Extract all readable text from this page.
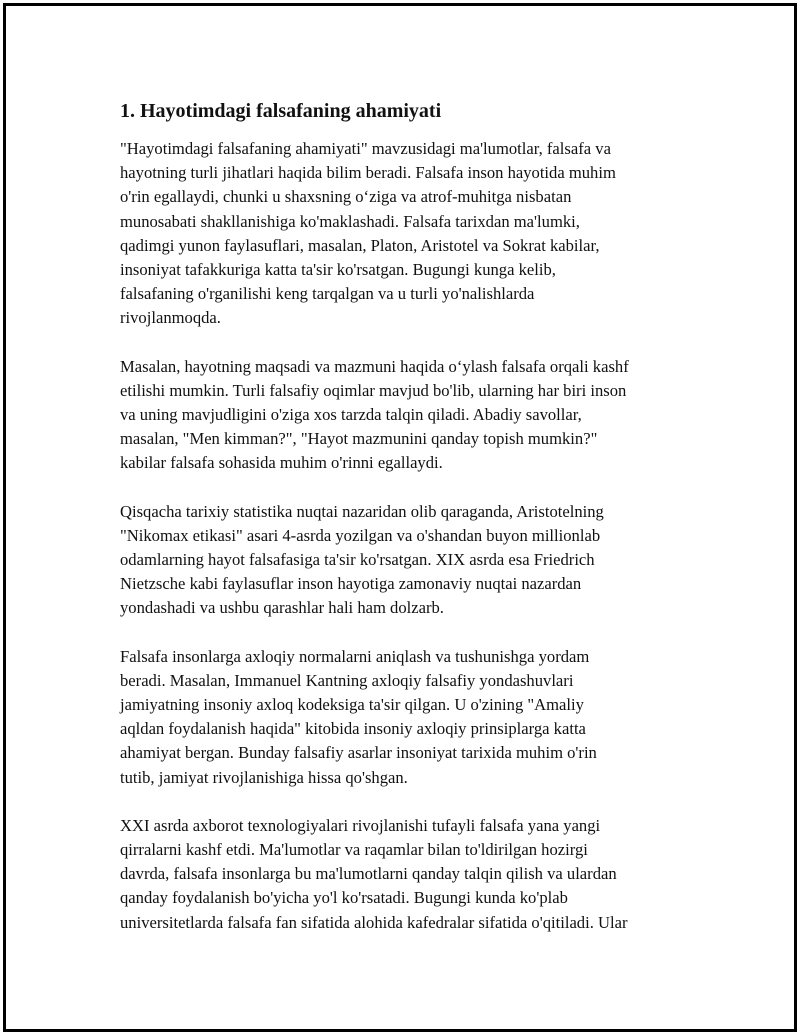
1. Hayotimdagi falsafaning ahamiyati
"Hayotimdagi falsafaning ahamiyati" mavzusidagi ma'lumotlar, falsafa va
hayotning turli jihatlari haqida bilim beradi. Falsafa inson hayotida muhim
o'rin egallaydi, chunki u shaxsning o‘ziga va atrof-muhitga nisbatan
munosabati shakllanishiga ko'maklashadi. Falsafa tarixdan ma'lumki,
qadimgi yunon faylasuflari, masalan, Platon, Aristotel va Sokrat kabilar,
insoniyat tafakkuriga katta ta'sir ko'rsatgan. Bugungi kunga kelib,
falsafaning o'rganilishi keng tarqalgan va u turli yo'nalishlarda
rivojlanmoqda.
Masalan, hayotning maqsadi va mazmuni haqida o‘ylash falsafa orqali kashf
etilishi mumkin. Turli falsafiy oqimlar mavjud bo'lib, ularning har biri inson
va uning mavjudligini o'ziga xos tarzda talqin qiladi. Abadiy savollar,
masalan, "Men kimman?", "Hayot mazmunini qanday topish mumkin?"
kabilar falsafa sohasida muhim o'rinni egallaydi.
Qisqacha tarixiy statistika nuqtai nazaridan olib qaraganda, Aristotelning
"Nikomax etikasi" asari 4-asrda yozilgan va o'shandan buyon millionlab
odamlarning hayot falsafasiga ta'sir ko'rsatgan. XIX asrda esa Friedrich
Nietzsche kabi faylasuflar inson hayotiga zamonaviy nuqtai nazardan
yondashadi va ushbu qarashlar hali ham dolzarb.
Falsafa insonlarga axloqiy normalarni aniqlash va tushunishga yordam
beradi. Masalan, Immanuel Kantning axloqiy falsafiy yondashuvlari
jamiyatning insoniy axloq kodeksiga ta'sir qilgan. U o'zining "Amaliy
aqldan foydalanish haqida" kitobida insoniy axloqiy prinsiplarga katta
ahamiyat bergan. Bunday falsafiy asarlar insoniyat tarixida muhim o'rin
tutib, jamiyat rivojlanishiga hissa qo'shgan.
XXI asrda axborot texnologiyalari rivojlanishi tufayli falsafa yana yangi
qirralarni kashf etdi. Ma'lumotlar va raqamlar bilan to'ldirilgan hozirgi
davrda, falsafa insonlarga bu ma'lumotlarni qanday talqin qilish va ulardan
qanday foydalanish bo'yicha yo'l ko'rsatadi. Bugungi kunda ko'plab
universitetlarda falsafa fan sifatida alohida kafedralar sifatida o'qitiladi. Ular
